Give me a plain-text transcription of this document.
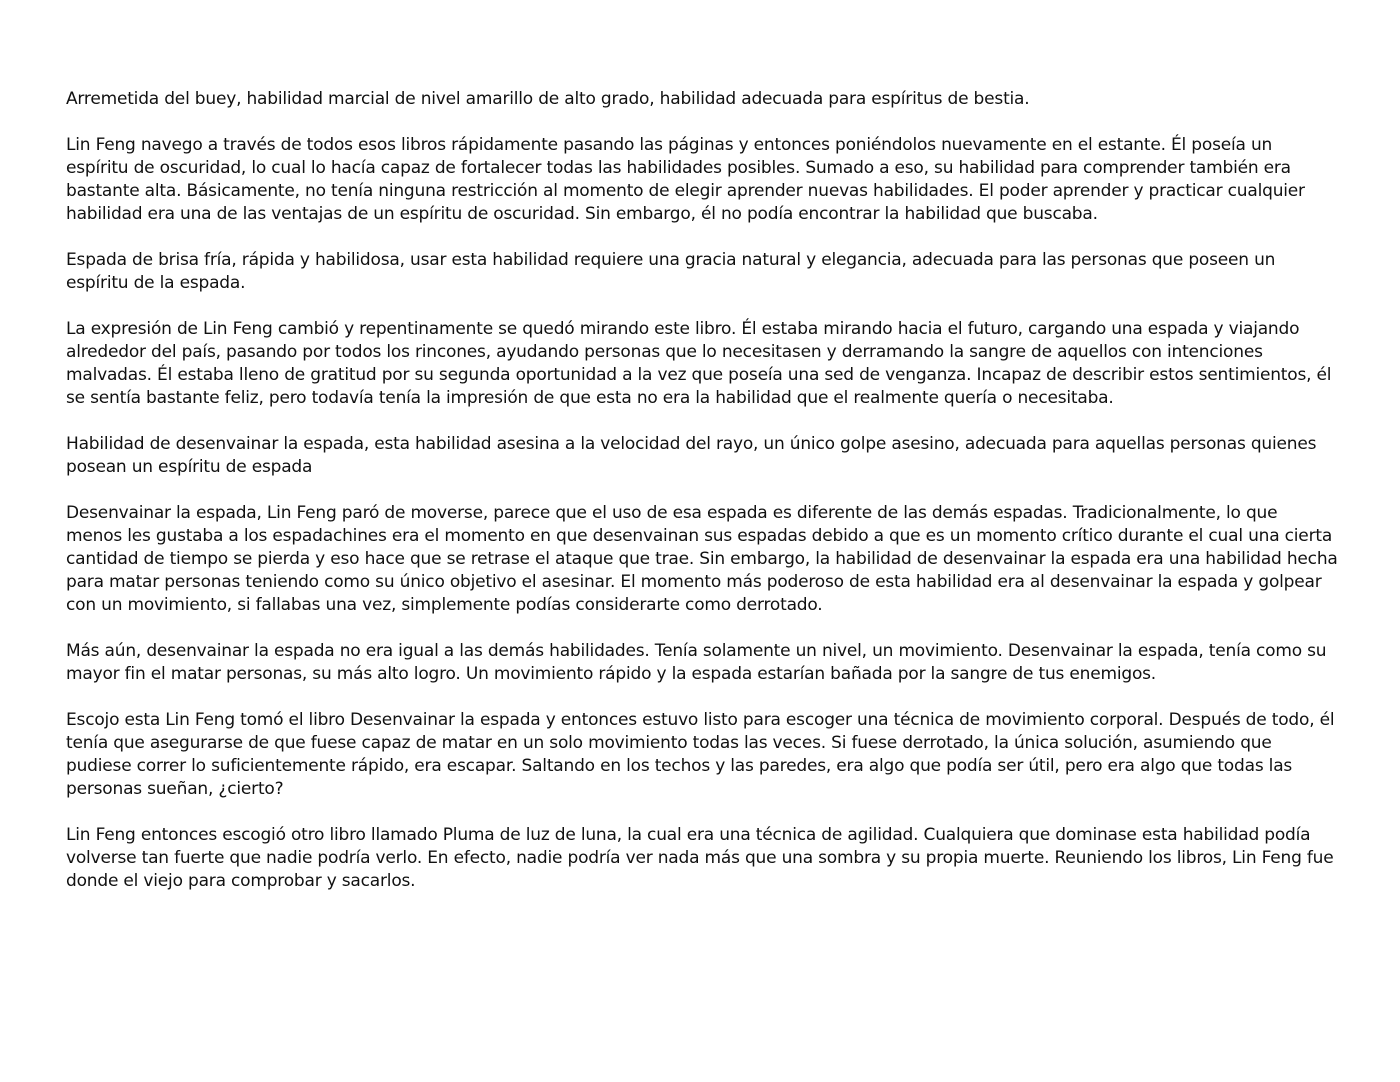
Arremetida del buey, habilidad marcial de nivel amarillo de alto grado, habilidad adecuada para espíritus de bestia.

Lin Feng navego a través de todos esos libros rápidamente pasando las páginas y entonces poniéndolos nuevamente en el estante. Él poseía un espíritu de oscuridad, lo cual lo hacía capaz de fortalecer todas las habilidades posibles. Sumado a eso, su habilidad para comprender también era bastante alta. Básicamente, no tenía ninguna restricción al momento de elegir aprender nuevas habilidades. El poder aprender y practicar cualquier habilidad era una de las ventajas de un espíritu de oscuridad. Sin embargo, él no podía encontrar la habilidad que buscaba.

Espada de brisa fría, rápida y habilidosa, usar esta habilidad requiere una gracia natural y elegancia, adecuada para las personas que poseen un espíritu de la espada.

La expresión de Lin Feng cambió y repentinamente se quedó mirando este libro. Él estaba mirando hacia el futuro, cargando una espada y viajando alrededor del país, pasando por todos los rincones, ayudando personas que lo necesitasen y derramando la sangre de aquellos con intenciones malvadas. Él estaba lleno de gratitud por su segunda oportunidad a la vez que poseía una sed de venganza. Incapaz de describir estos sentimientos, él se sentía bastante feliz, pero todavía tenía la impresión de que esta no era la habilidad que el realmente quería o necesitaba.

Habilidad de desenvainar la espada, esta habilidad asesina a la velocidad del rayo, un único golpe asesino, adecuada para aquellas personas quienes posean un espíritu de espada

Desenvainar la espada, Lin Feng paró de moverse, parece que el uso de esa espada es diferente de las demás espadas. Tradicionalmente, lo que menos les gustaba a los espadachines era el momento en que desenvainan sus espadas debido a que es un momento crítico durante el cual una cierta cantidad de tiempo se pierda y eso hace que se retrase el ataque que trae. Sin embargo, la habilidad de desenvainar la espada era una habilidad hecha para matar personas teniendo como su único objetivo el asesinar. El momento más poderoso de esta habilidad era al desenvainar la espada y golpear con un movimiento, si fallabas una vez, simplemente podías considerarte como derrotado.

Más aún, desenvainar la espada no era igual a las demás habilidades. Tenía solamente un nivel, un movimiento. Desenvainar la espada, tenía como su mayor fin el matar personas, su más alto logro. Un movimiento rápido y la espada estarían bañada por la sangre de tus enemigos.

Escojo esta Lin Feng tomó el libro Desenvainar la espada y entonces estuvo listo para escoger una técnica de movimiento corporal. Después de todo, él tenía que asegurarse de que fuese capaz de matar en un solo movimiento todas las veces. Si fuese derrotado, la única solución, asumiendo que pudiese correr lo suficientemente rápido, era escapar. Saltando en los techos y las paredes, era algo que podía ser útil, pero era algo que todas las personas sueñan, ¿cierto?

Lin Feng entonces escogió otro libro llamado Pluma de luz de luna, la cual era una técnica de agilidad. Cualquiera que dominase esta habilidad podía volverse tan fuerte que nadie podría verlo. En efecto, nadie podría ver nada más que una sombra y su propia muerte. Reuniendo los libros, Lin Feng fue donde el viejo para comprobar y sacarlos.
